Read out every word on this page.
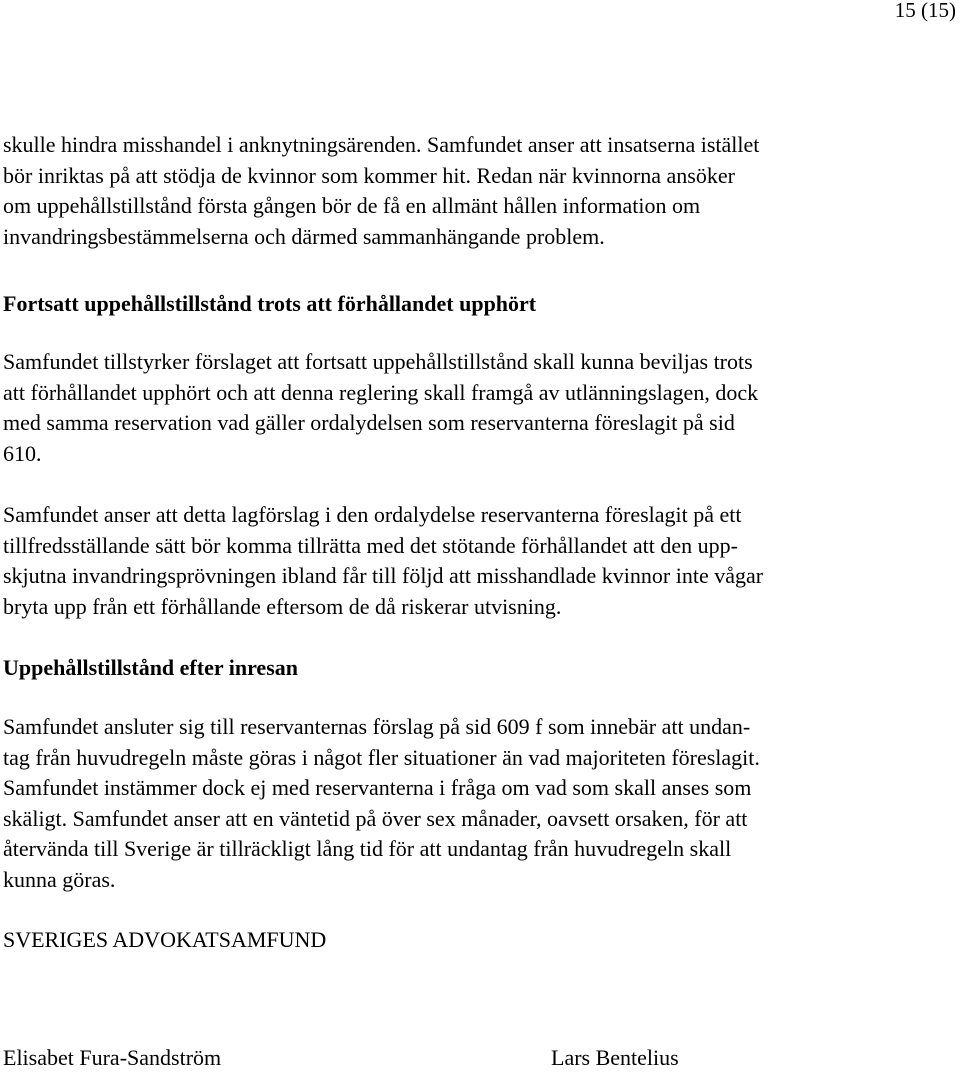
15 (15)

skulle hindra misshandel i anknytningsärenden. Samfundet anser att insatserna istället
bör inriktas på att stödja de kvinnor som kommer hit. Redan när kvinnorna ansöker
om uppehållstillstånd första gången bör de få en allmänt hållen information om
invandringsbestämmelserna och därmed sammanhängande problem.

Fortsatt uppehållstillstånd trots att förhållandet upphört

Samfundet tillstyrker förslaget att fortsatt uppehållstillstånd skall kunna beviljas trots
att förhållandet upphört och att denna reglering skall framgå av utlänningslagen, dock
med samma reservation vad gäller ordalydelsen som reservanterna föreslagit på sid
610.

Samfundet anser att detta lagförslag i den ordalydelse reservanterna föreslagit på ett
tillfredsställande sätt bör komma tillrätta med det stötande förhållandet att den upp-
skjutna invandringsprövningen ibland får till följd att misshandlade kvinnor inte vågar
bryta upp från ett förhållande eftersom de då riskerar utvisning.

Uppehållstillstånd efter inresan

Samfundet ansluter sig till reservanternas förslag på sid 609 f som innebär att undan-
tag från huvudregeln måste göras i något fler situationer än vad majoriteten föreslagit.
Samfundet instämmer dock ej med reservanterna i fråga om vad som skall anses som
skäligt. Samfundet anser att en väntetid på över sex månader, oavsett orsaken, för att
återvända till Sverige är tillräckligt lång tid för att undantag från huvudregeln skall
kunna göras.

SVERIGES ADVOKATSAMFUND

Elisabet Fura-Sandström	Lars Bentelius
